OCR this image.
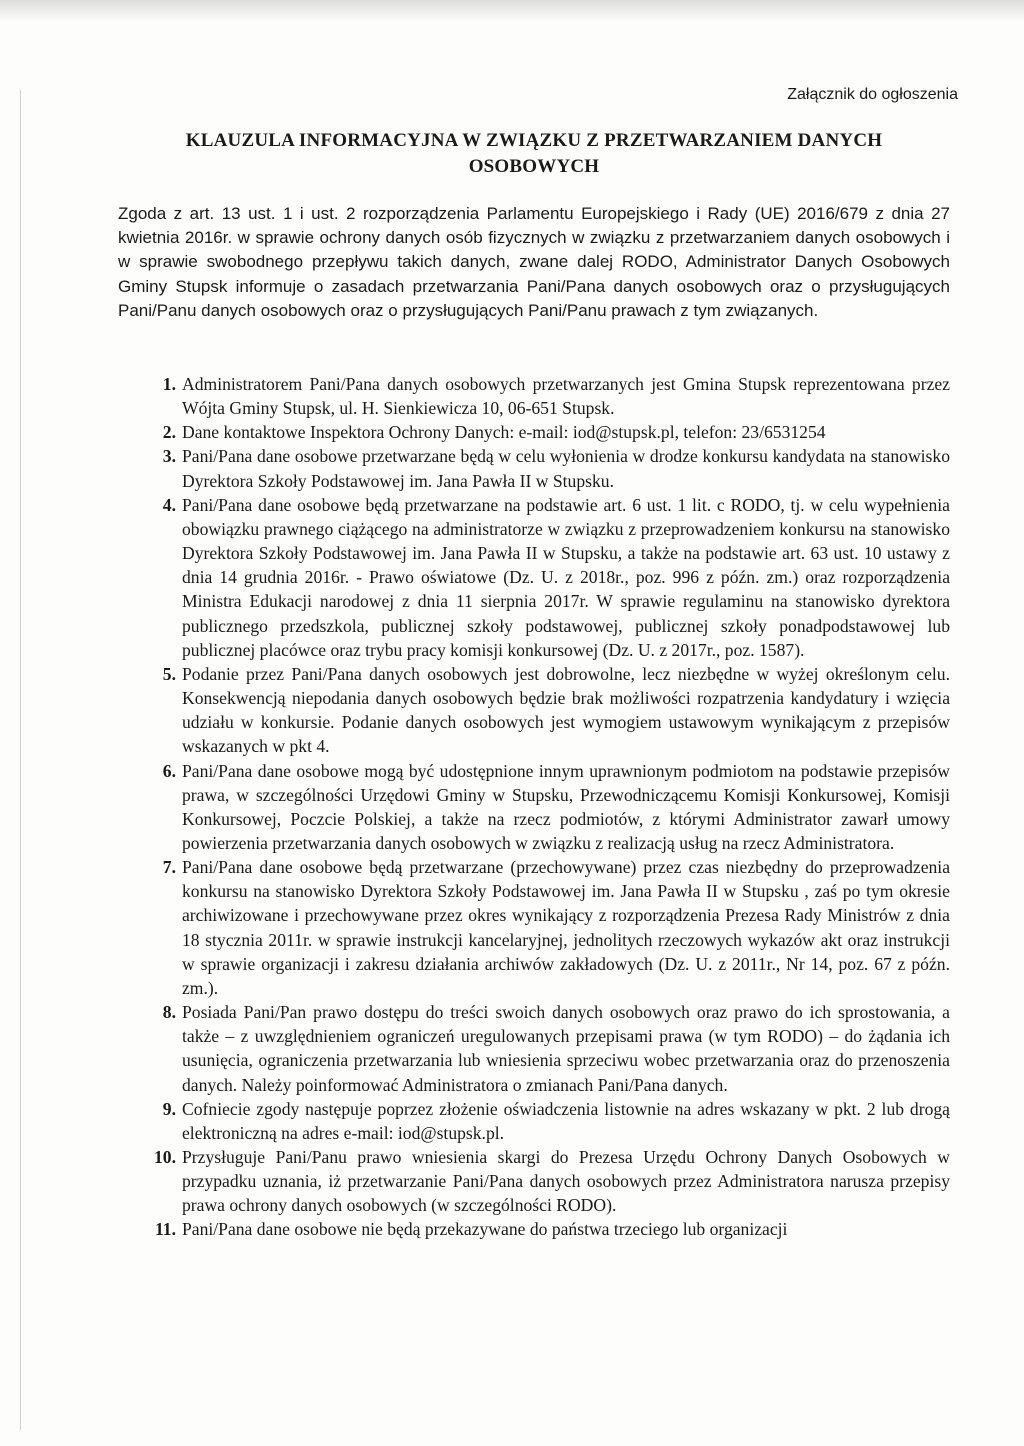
Załącznik do ogłoszenia
KLAUZULA INFORMACYJNA W ZWIĄZKU Z PRZETWARZANIEM DANYCH OSOBOWYCH
Zgoda z art. 13 ust. 1 i ust. 2 rozporządzenia Parlamentu Europejskiego i Rady (UE) 2016/679 z dnia 27 kwietnia 2016r. w sprawie ochrony danych osób fizycznych w związku z przetwarzaniem danych osobowych i w sprawie swobodnego przepływu takich danych, zwane dalej RODO, Administrator Danych Osobowych Gminy Stupsk informuje o zasadach przetwarzania Pani/Pana danych osobowych oraz o przysługujących Pani/Panu danych osobowych oraz o przysługujących Pani/Panu prawach z tym związanych.
1. Administratorem Pani/Pana danych osobowych przetwarzanych jest Gmina Stupsk reprezentowana przez Wójta Gminy Stupsk, ul. H. Sienkiewicza 10, 06-651 Stupsk.
2. Dane kontaktowe Inspektora Ochrony Danych: e-mail: iod@stupsk.pl, telefon: 23/6531254
3. Pani/Pana dane osobowe przetwarzane będą w celu wyłonienia w drodze konkursu kandydata na stanowisko Dyrektora Szkoły Podstawowej im. Jana Pawła II w Stupsku.
4. Pani/Pana dane osobowe będą przetwarzane na podstawie art. 6 ust. 1 lit. c RODO, tj. w celu wypełnienia obowiązku prawnego ciążącego na administratorze w związku z przeprowadzeniem konkursu na stanowisko Dyrektora Szkoły Podstawowej im. Jana Pawła II w Stupsku, a także na podstawie art. 63 ust. 10 ustawy z dnia 14 grudnia 2016r. - Prawo oświatowe (Dz. U. z 2018r., poz. 996 z późn. zm.) oraz rozporządzenia Ministra Edukacji narodowej z dnia 11 sierpnia 2017r. W sprawie regulaminu na stanowisko dyrektora publicznego przedszkola, publicznej szkoły podstawowej, publicznej szkoły ponadpodstawowej lub publicznej placówce oraz trybu pracy komisji konkursowej (Dz. U. z 2017r., poz. 1587).
5. Podanie przez Pani/Pana danych osobowych jest dobrowolne, lecz niezbędne w wyżej określonym celu. Konsekwencją niepodania danych osobowych będzie brak możliwości rozpatrzenia kandydatury i wzięcia udziału w konkursie. Podanie danych osobowych jest wymogiem ustawowym wynikającym z przepisów wskazanych w pkt 4.
6. Pani/Pana dane osobowe mogą być udostępnione innym uprawnionym podmiotom na podstawie przepisów prawa, w szczególności Urzędowi Gminy w Stupsku, Przewodniczącemu Komisji Konkursowej, Komisji Konkursowej, Poczcie Polskiej, a także na rzecz podmiotów, z którymi Administrator zawarł umowy powierzenia przetwarzania danych osobowych w związku z realizacją usług na rzecz Administratora.
7. Pani/Pana dane osobowe będą przetwarzane (przechowywane) przez czas niezbędny do przeprowadzenia konkursu na stanowisko Dyrektora Szkoły Podstawowej im. Jana Pawła II w Stupsku , zaś po tym okresie archiwizowane i przechowywane przez okres wynikający z rozporządzenia Prezesa Rady Ministrów z dnia 18 stycznia 2011r. w sprawie instrukcji kancelaryjnej, jednolitych rzeczowych wykazów akt oraz instrukcji w sprawie organizacji i zakresu działania archiwów zakładowych (Dz. U. z 2011r., Nr 14, poz. 67 z późn. zm.).
8. Posiada Pani/Pan prawo dostępu do treści swoich danych osobowych oraz prawo do ich sprostowania, a także – z uwzględnieniem ograniczeń uregulowanych przepisami prawa (w tym RODO) – do żądania ich usunięcia, ograniczenia przetwarzania lub wniesienia sprzeciwu wobec przetwarzania oraz do przenoszenia danych. Należy poinformować Administratora o zmianach Pani/Pana danych.
9. Cofniecie zgody następuje poprzez złożenie oświadczenia listownie na adres wskazany w pkt. 2 lub drogą elektroniczną na adres e-mail: iod@stupsk.pl.
10. Przysługuje Pani/Panu prawo wniesienia skargi do Prezesa Urzędu Ochrony Danych Osobowych w przypadku uznania, iż przetwarzanie Pani/Pana danych osobowych przez Administratora narusza przepisy prawa ochrony danych osobowych (w szczególności RODO).
11. Pani/Pana dane osobowe nie będą przekazywane do państwa trzeciego lub organizacji
